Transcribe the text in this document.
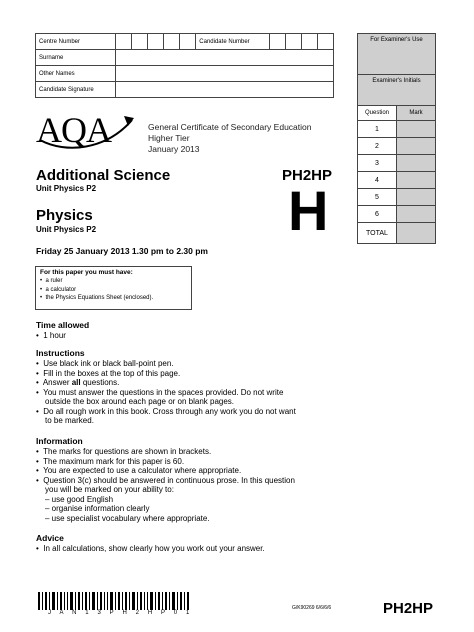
Centre Number						Candidate Number				
Surname										
Other Names										
Candidate Signature										
For Examiner's Use
Examiner's Initials
Question	Mark
1	
2	
3	
4	
5	
6	
TOTAL	
AQA	General Certificate of Secondary Education
Higher Tier
January 2013
Additional Science
Unit Physics P2
Physics
Unit Physics P2
PH2HP
H
Friday 25 January 2013 1.30 pm to 2.30 pm
For this paper you must have:
•  a ruler
•  a calculator
•  the Physics Equations Sheet (enclosed).
Time allowed
•  1 hour
Instructions
•  Use black ink or black ball-point pen.
•  Fill in the boxes at the top of this page.
•  Answer all questions.
•  You must answer the questions in the spaces provided. Do not write
outside the box around each page or on blank pages.
•  Do all rough work in this book. Cross through any work you do not want
to be marked.
Information
•  The marks for questions are shown in brackets.
•  The maximum mark for this paper is 60.
•  You are expected to use a calculator where appropriate.
•  Question 3(c) should be answered in continuous prose. In this question
you will be marked on your ability to:
– use good English
– organise information clearly
– use specialist vocabulary where appropriate.
Advice
•  In all calculations, show clearly how you work out your answer.
J A N 1 3 P H 2 H P 0 1
G/K90269 6/6/6/6	PH2HP
